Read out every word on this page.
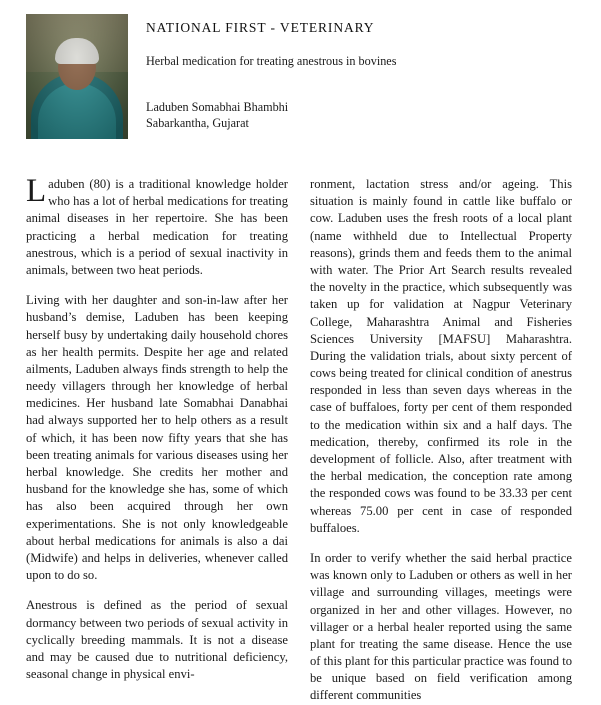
NATIONAL FIRST - VETERINARY
Herbal medication for treating anestrous in bovines
Laduben Somabhai Bhambhi
Sabarkantha, Gujarat

Laduben (80) is a traditional knowledge holder who has a lot of herbal medications for treating animal diseases in her repertoire. She has been practicing a herbal medication for treating anestrous, which is a period of sexual inactivity in animals, between two heat periods.

Living with her daughter and son-in-law after her husband’s demise, Laduben has been keeping herself busy by undertaking daily household chores as her health permits. Despite her age and related ailments, Laduben always finds strength to help the needy villagers through her knowledge of herbal medicines. Her husband late Somabhai Danabhai had always supported her to help others as a result of which, it has been now fifty years that she has been treating animals for various diseases using her herbal knowledge. She credits her mother and husband for the knowledge she has, some of which has also been acquired through her own experimentations. She is not only knowledgeable about herbal medications for animals is also a dai (Midwife) and helps in deliveries, whenever called upon to do so.

Anestrous is defined as the period of sexual dormancy between two periods of sexual activity in cyclically breeding mammals. It is not a disease and may be caused due to nutritional deficiency, seasonal change in physical envi-

ronment, lactation stress and/or ageing. This situation is mainly found in cattle like buffalo or cow. Laduben uses the fresh roots of a local plant (name withheld due to Intellectual Property reasons), grinds them and feeds them to the animal with water. The Prior Art Search results revealed the novelty in the practice, which subsequently was taken up for validation at Nagpur Veterinary College, Maharashtra Animal and Fisheries Sciences University [MAFSU] Maharashtra. During the validation trials, about sixty percent of cows being treated for clinical condition of anestrus responded in less than seven days whereas in the case of buffaloes, forty per cent of them responded to the medication within six and a half days. The medication, thereby, confirmed its role in the development of follicle. Also, after treatment with the herbal medication, the conception rate among the responded cows was found to be 33.33 per cent whereas 75.00 per cent in case of responded buffaloes.

In order to verify whether the said herbal practice was known only to Laduben or others as well in her village and surrounding villages, meetings were organized in her and other villages. However, no villager or a herbal healer reported using the same plant for treating the same disease. Hence the use of this plant for this particular practice was found to be unique based on field verification among different communities
